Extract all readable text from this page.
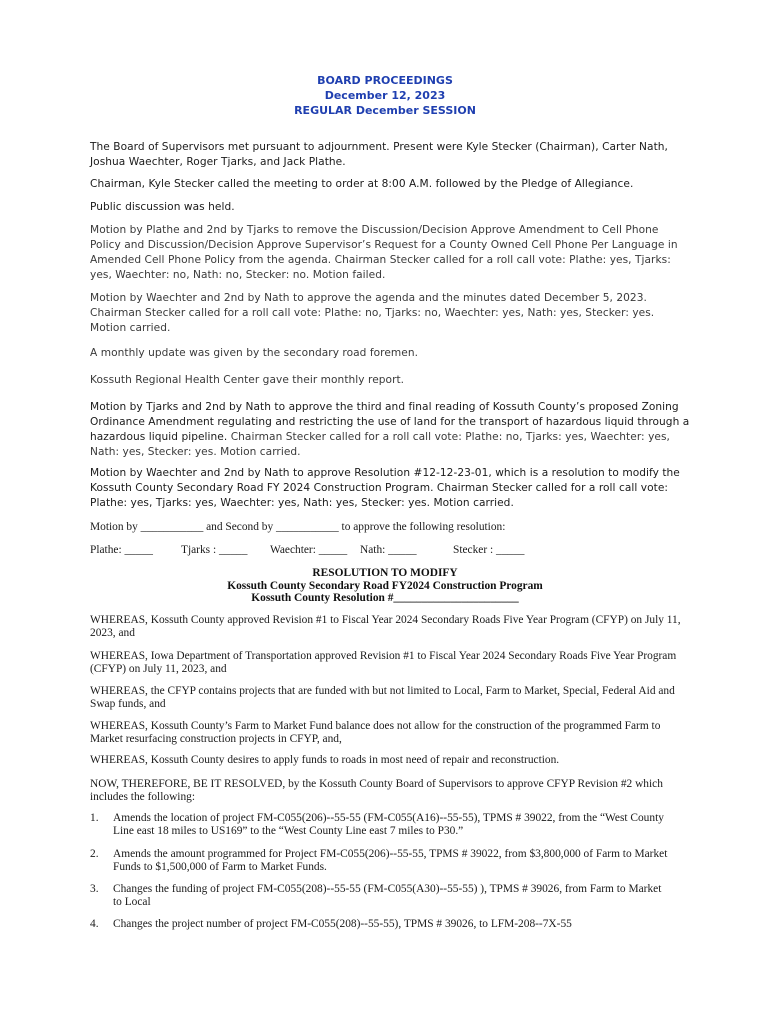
BOARD PROCEEDINGS
December 12, 2023
REGULAR December SESSION

The Board of Supervisors met pursuant to adjournment. Present were Kyle Stecker (Chairman), Carter Nath, Joshua Waechter, Roger Tjarks, and Jack Plathe.

Chairman, Kyle Stecker called the meeting to order at 8:00 A.M. followed by the Pledge of Allegiance.

Public discussion was held.

Motion by Plathe and 2nd by Tjarks to remove the Discussion/Decision Approve Amendment to Cell Phone Policy and Discussion/Decision Approve Supervisor’s Request for a County Owned Cell Phone Per Language in Amended Cell Phone Policy from the agenda. Chairman Stecker called for a roll call vote: Plathe: yes, Tjarks: yes, Waechter: no, Nath: no, Stecker: no. Motion failed.

Motion by Waechter and 2nd by Nath to approve the agenda and the minutes dated December 5, 2023. Chairman Stecker called for a roll call vote: Plathe: no, Tjarks: no, Waechter: yes, Nath: yes, Stecker: yes. Motion carried.

A monthly update was given by the secondary road foremen.

Kossuth Regional Health Center gave their monthly report.

Motion by Tjarks and 2nd by Nath to approve the third and final reading of Kossuth County’s proposed Zoning Ordinance Amendment regulating and restricting the use of land for the transport of hazardous liquid through a hazardous liquid pipeline. Chairman Stecker called for a roll call vote: Plathe: no, Tjarks: yes, Waechter: yes, Nath: yes, Stecker: yes. Motion carried.

Motion by Waechter and 2nd by Nath to approve Resolution #12-12-23-01, which is a resolution to modify the Kossuth County Secondary Road FY 2024 Construction Program. Chairman Stecker called for a roll call vote: Plathe: yes, Tjarks: yes, Waechter: yes, Nath: yes, Stecker: yes. Motion carried.

Motion by ___________ and Second by ___________ to approve the following resolution:

Plathe: _____ Tjarks : _____ Waechter: _____ Nath: _____	Stecker : _____
RESOLUTION TO MODIFY
Kossuth County Secondary Road FY2024 Construction Program
Kossuth County Resolution #______________________

WHEREAS, Kossuth County approved Revision #1 to Fiscal Year 2024 Secondary Roads Five Year Program (CFYP) on July 11, 2023, and

WHEREAS, Iowa Department of Transportation approved Revision #1 to Fiscal Year 2024 Secondary Roads Five Year Program (CFYP) on July 11, 2023, and

WHEREAS, the CFYP contains projects that are funded with but not limited to Local, Farm to Market, Special, Federal Aid and Swap funds, and

WHEREAS, Kossuth County’s Farm to Market Fund balance does not allow for the construction of the programmed Farm to Market resurfacing construction projects in CFYP, and,

WHEREAS, Kossuth County desires to apply funds to roads in most need of repair and reconstruction.

NOW, THEREFORE, BE IT RESOLVED, by the Kossuth County Board of Supervisors to approve CFYP Revision #2 which includes the following:

1. Amends the location of project FM-C055(206)--55-55 (FM-C055(A16)--55-55), TPMS # 39022, from the “West County Line east 18 miles to US169” to the “West County Line east 7 miles to P30.”
2. Amends the amount programmed for Project FM-C055(206)--55-55, TPMS # 39022, from $3,800,000 of Farm to Market Funds to $1,500,000 of Farm to Market Funds.
3. Changes the funding of project FM-C055(208)--55-55 (FM-C055(A30)--55-55) ), TPMS # 39026, from Farm to Market to Local
4. Changes the project number of project FM-C055(208)--55-55), TPMS # 39026, to LFM-208--7X-55
